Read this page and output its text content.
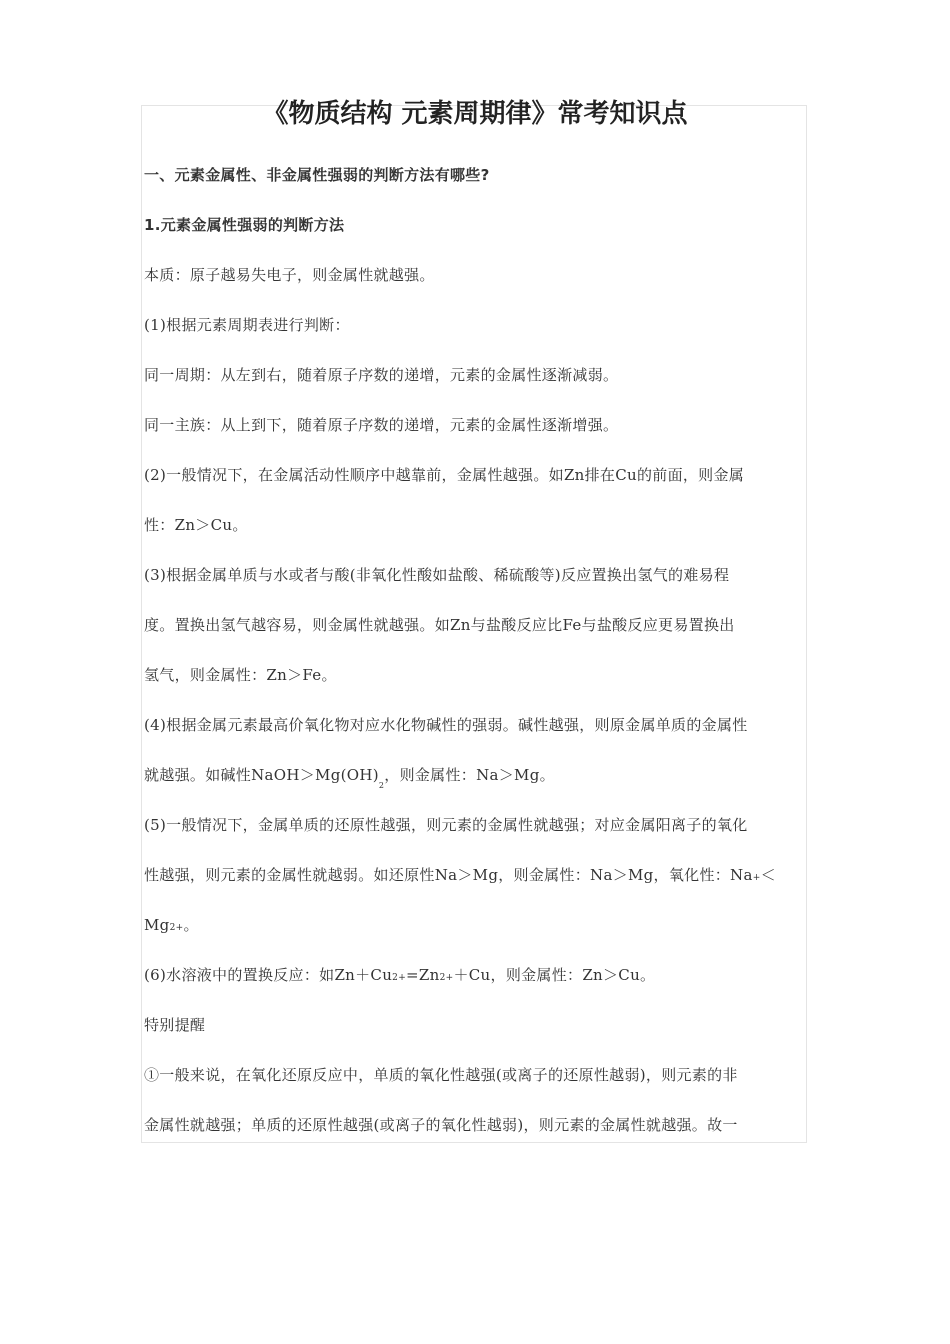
《物质结构 元素周期律》常考知识点
一、元素金属性、非金属性强弱的判断方法有哪些?
1.元素金属性强弱的判断方法
本质：原子越易失电子，则金属性就越强。
(1)根据元素周期表进行判断：
同一周期：从左到右，随着原子序数的递增，元素的金属性逐渐减弱。
同一主族：从上到下，随着原子序数的递增，元素的金属性逐渐增强。
(2)一般情况下，在金属活动性顺序中越靠前，金属性越强。如Zn排在Cu的前面，则金属
性：Zn＞Cu。
(3)根据金属单质与水或者与酸(非氧化性酸如盐酸、稀硫酸等)反应置换出氢气的难易程
度。置换出氢气越容易，则金属性就越强。如Zn与盐酸反应比Fe与盐酸反应更易置换出
氢气，则金属性：Zn＞Fe。
(4)根据金属元素最高价氧化物对应水化物碱性的强弱。碱性越强，则原金属单质的金属性
就越强。如碱性$NaOH>Mg(OH)_2$，则金属性：Na＞Mg。
(5)一般情况下，金属单质的还原性越强，则元素的金属性就越强；对应金属阳离子的氧化
性越强，则元素的金属性就越弱。如还原性Na＞Mg，则金属性：Na＞Mg，氧化性：Na+＜
Mg2+。
(6)水溶液中的置换反应：如Zn＋Cu2+=Zn2+＋Cu，则金属性：Zn＞Cu。
特别提醒
①一般来说，在氧化还原反应中，单质的氧化性越强(或离子的还原性越弱)，则元素的非
金属性就越强；单质的还原性越强(或离子的氧化性越弱)，则元素的金属性就越强。故一
